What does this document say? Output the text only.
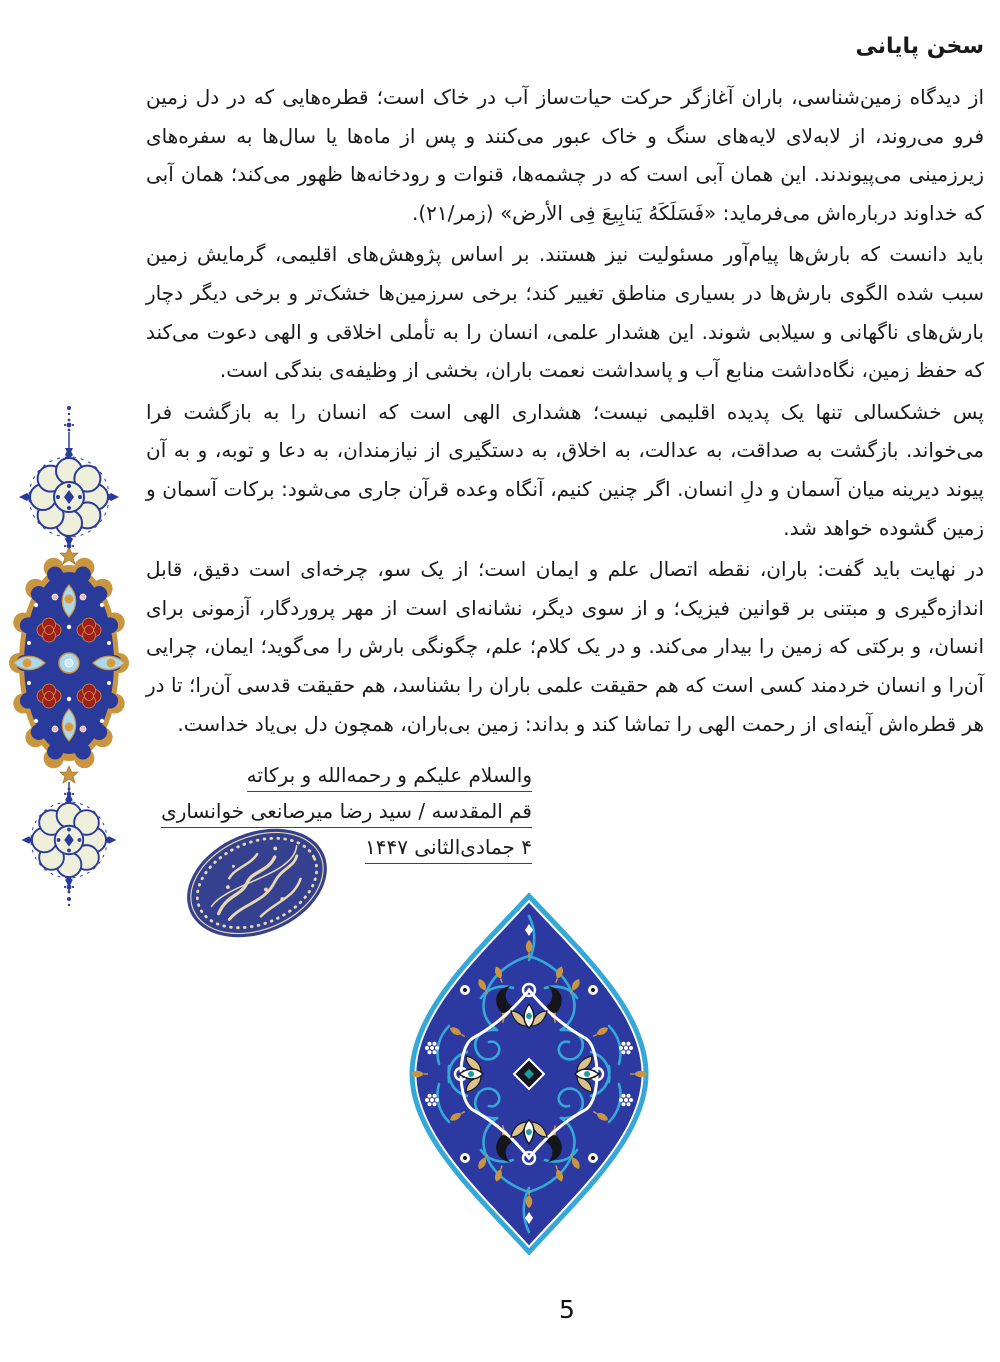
سخن پایانی

از دیدگاه زمین‌شناسی، باران آغازگر حرکت حیات‌ساز آب در خاک است؛ قطره‌هایی که در دل زمین فرو می‌روند، از لابه‌لای لایه‌های سنگ و خاک عبور می‌کنند و پس از ماه‌ها یا سال‌ها به سفره‌های زیرزمینی می‌پیوندند. این همان آبی است که در چشمه‌ها، قنوات و رودخانه‌ها ظهور می‌کند؛ همان آبی که خداوند درباره‌اش می‌فرماید: «فَسَلَکَهُ یَنابِیعَ فِی الأرض» (زمر/۲۱).

باید دانست که بارش‌ها پیام‌آور مسئولیت نیز هستند. بر اساس پژوهش‌های اقلیمی، گرمایش زمین سبب شده الگوی بارش‌ها در بسیاری مناطق تغییر کند؛ برخی سرزمین‌ها خشک‌تر و برخی دیگر دچار بارش‌های ناگهانی و سیلابی شوند. این هشدار علمی، انسان را به تأملی اخلاقی و الهی دعوت می‌کند که حفظ زمین، نگاه‌داشت منابع آب و پاسداشت نعمت باران، بخشی از وظیفه‌ی بندگی است.

پس خشکسالی تنها یک پدیده اقلیمی نیست؛ هشداری الهی است که انسان را به بازگشت فرا می‌خواند. بازگشت به صداقت، به عدالت، به اخلاق، به دستگیری از نیازمندان، به دعا و توبه، و به آن پیوند دیرینه میان آسمان و دلِ انسان. اگر چنین کنیم، آنگاه وعده قرآن جاری می‌شود: برکات آسمان و زمین گشوده خواهد شد.

در نهایت باید گفت: باران، نقطه اتصال علم و ایمان است؛ از یک سو، چرخه‌ای است دقیق، قابل اندازه‌گیری و مبتنی بر قوانین فیزیک؛ و از سوی دیگر، نشانه‌ای است از مهر پروردگار، آزمونی برای انسان، و برکتی که زمین را بیدار می‌کند. و در یک کلام؛ علم، چگونگی بارش را می‌گوید؛ ایمان، چرایی آن‌را و انسان خردمند کسی است که هم حقیقت علمی باران را بشناسد، هم حقیقت قدسی آن‌را؛ تا در هر قطره‌اش آینه‌ای از رحمت الهی را تماشا کند و بداند: زمین بی‌باران، همچون دل بی‌یاد خداست.

والسلام علیکم و رحمه‌الله و برکاته
قم المقدسه / سید رضا میرصانعی خوانساری
۴ جمادی‌الثانی ۱۴۴۷
5
